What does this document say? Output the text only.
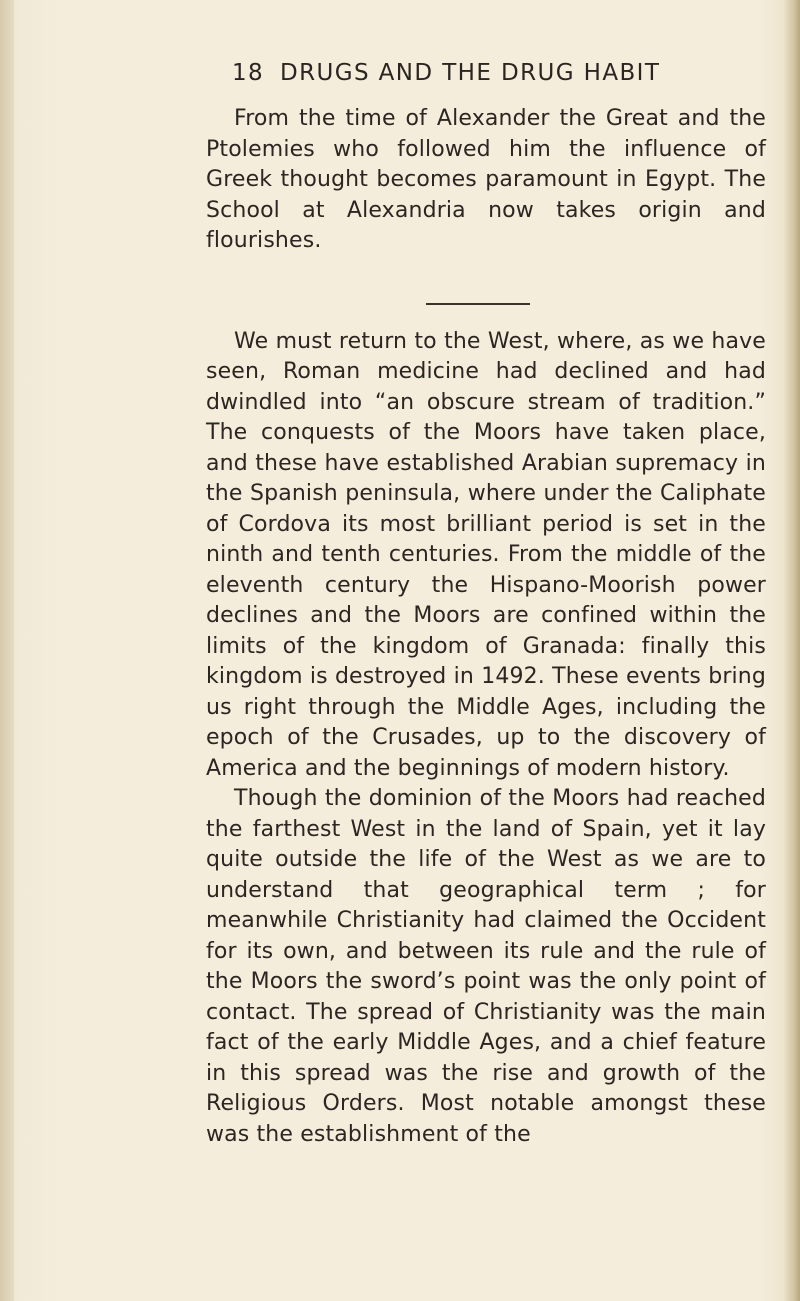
18 DRUGS AND THE DRUG HABIT

From the time of Alexander the Great and the Ptolemies who followed him the influence of Greek thought becomes paramount in Egypt. The School at Alexandria now takes origin and flourishes.

We must return to the West, where, as we have seen, Roman medicine had declined and had dwindled into “an obscure stream of tradition.” The conquests of the Moors have taken place, and these have established Arabian supremacy in the Spanish peninsula, where under the Caliphate of Cordova its most brilliant period is set in the ninth and tenth centuries. From the middle of the eleventh century the Hispano-Moorish power declines and the Moors are confined within the limits of the kingdom of Granada: finally this kingdom is destroyed in 1492. These events bring us right through the Middle Ages, including the epoch of the Crusades, up to the discovery of America and the beginnings of modern history.

Though the dominion of the Moors had reached the farthest West in the land of Spain, yet it lay quite outside the life of the West as we are to understand that geographical term ; for meanwhile Christianity had claimed the Occident for its own, and between its rule and the rule of the Moors the sword’s point was the only point of contact. The spread of Christianity was the main fact of the early Middle Ages, and a chief feature in this spread was the rise and growth of the Religious Orders. Most notable amongst these was the establishment of the
